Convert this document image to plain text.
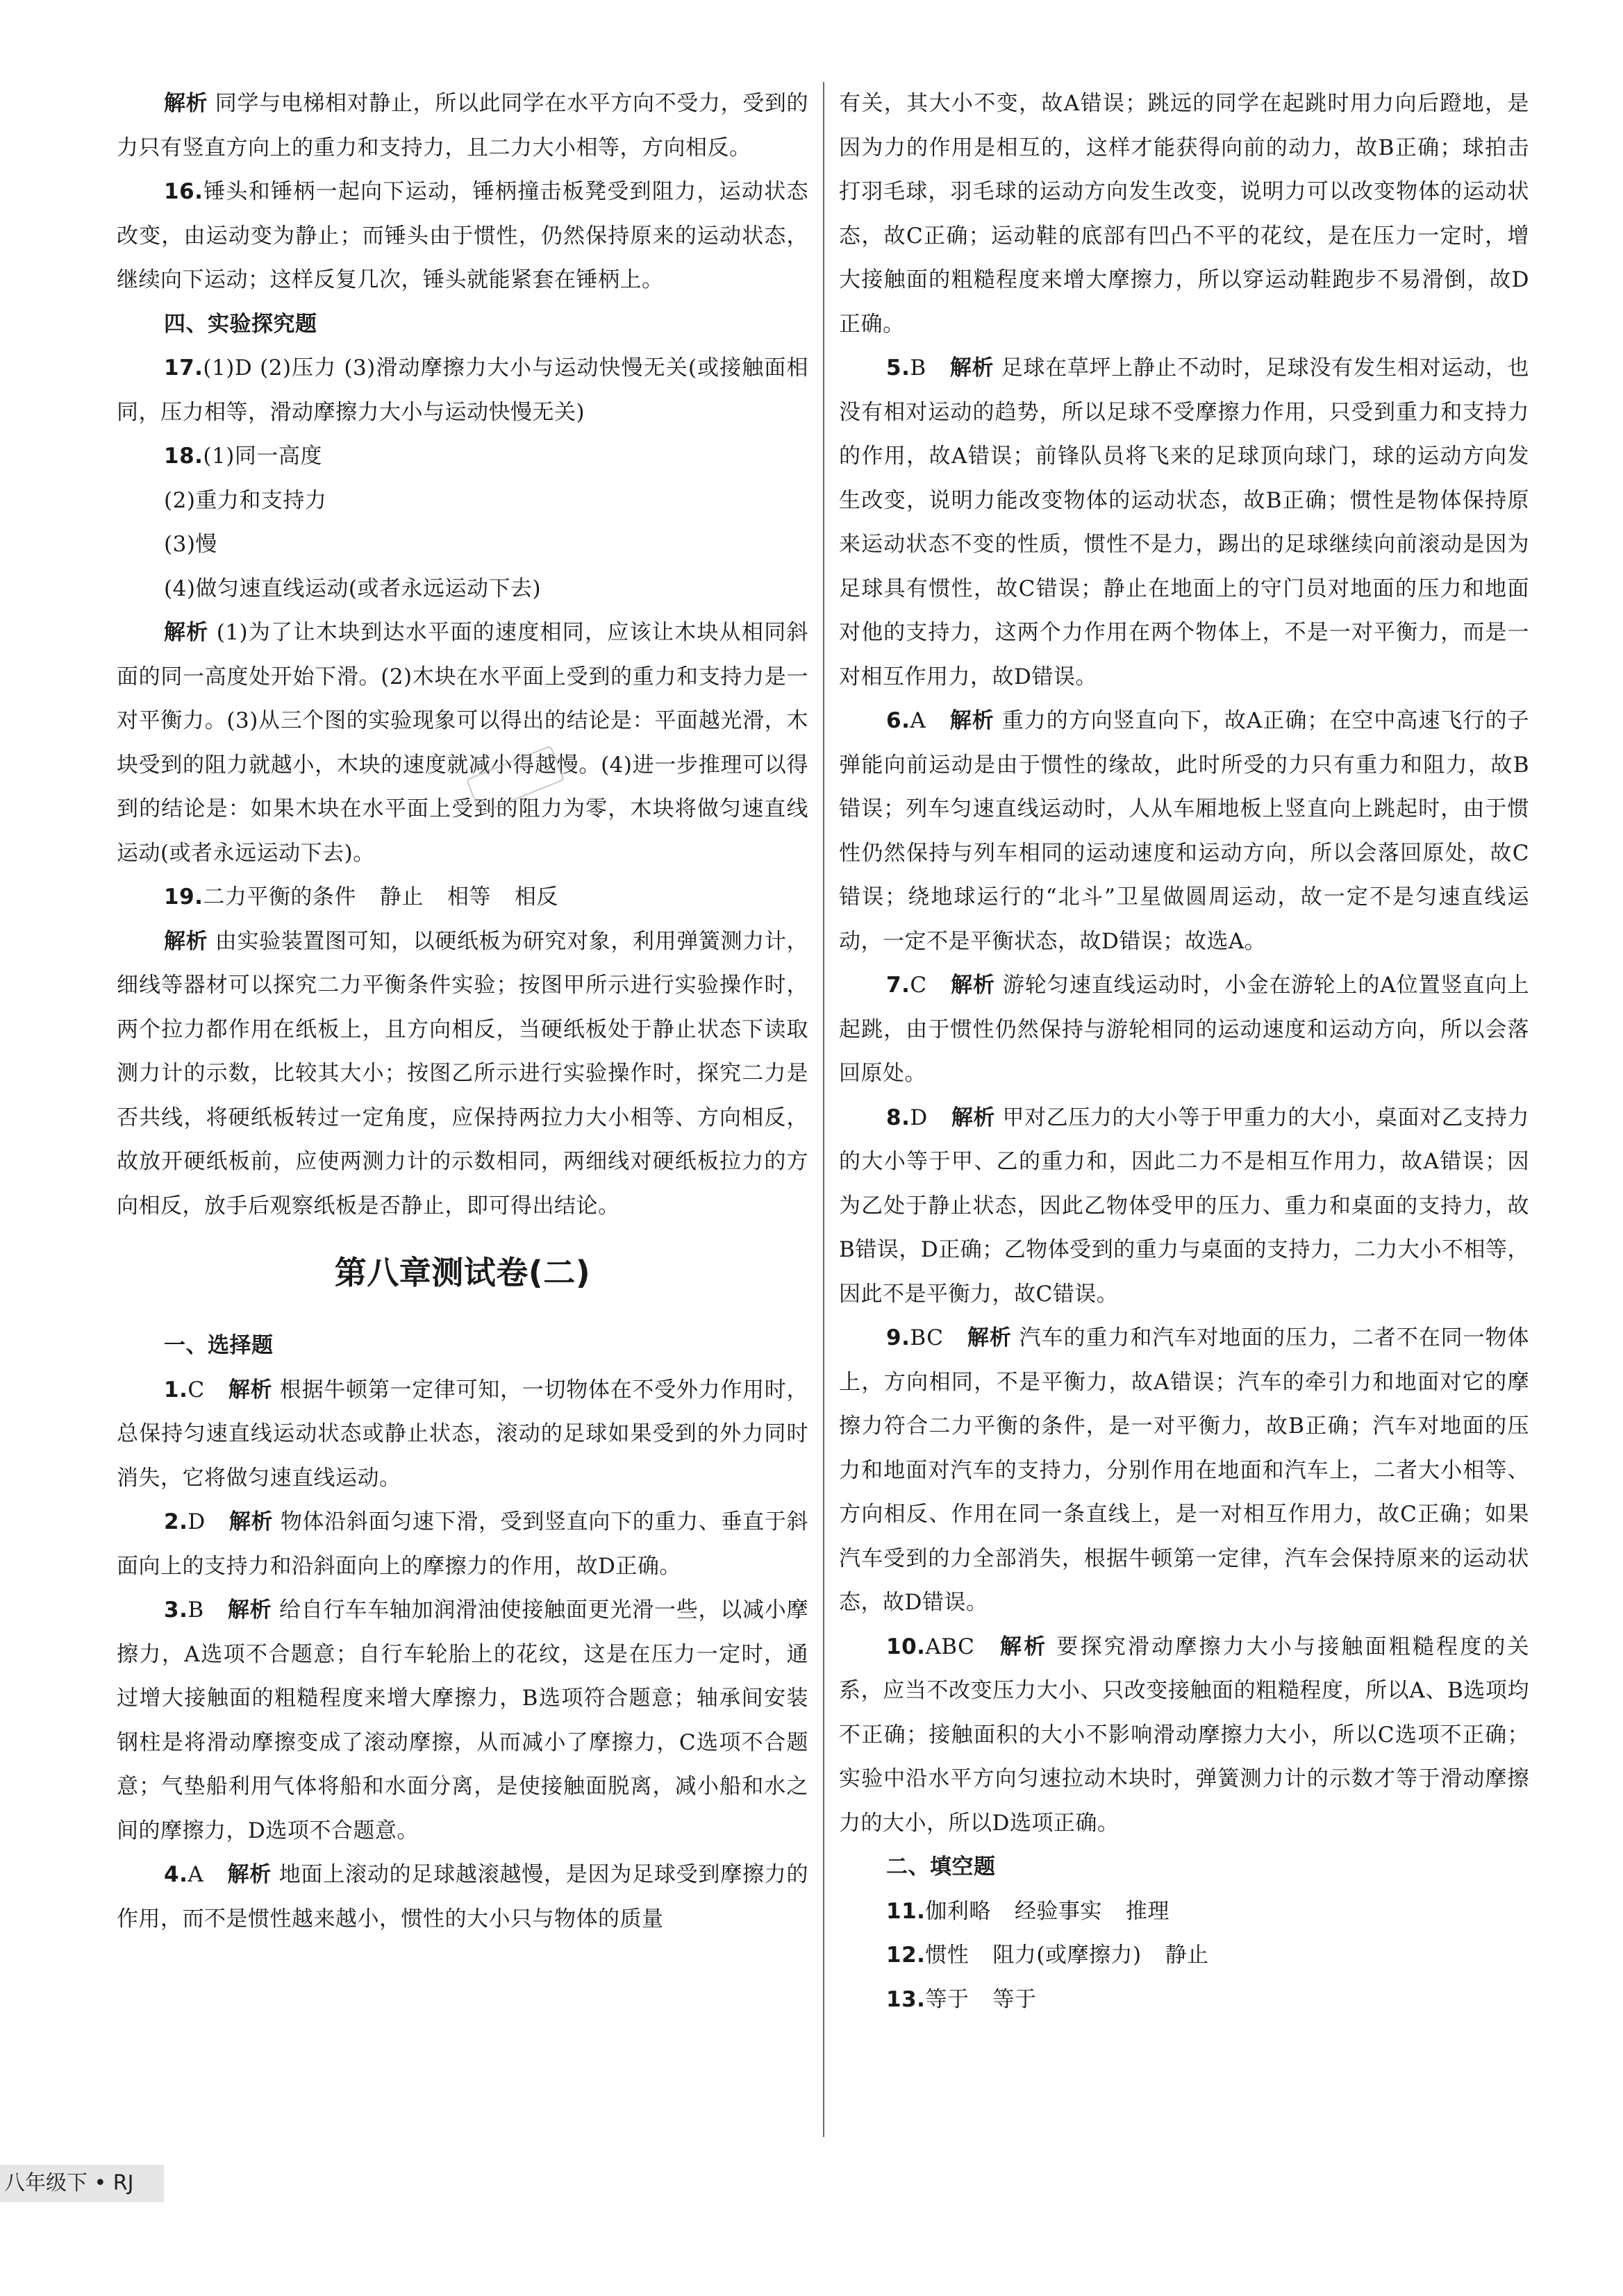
解析 同学与电梯相对静止，所以此同学在水平方向不受力，受到的力只有竖直方向上的重力和支持力，且二力大小相等，方向相反。

16.锤头和锤柄一起向下运动，锤柄撞击板凳受到阻力，运动状态改变，由运动变为静止；而锤头由于惯性，仍然保持原来的运动状态，继续向下运动；这样反复几次，锤头就能紧套在锤柄上。

四、实验探究题

17.(1)D (2)压力 (3)滑动摩擦力大小与运动快慢无关(或接触面相同，压力相等，滑动摩擦力大小与运动快慢无关)

18.(1)同一高度

(2)重力和支持力

(3)慢

(4)做匀速直线运动(或者永远运动下去)

解析 (1)为了让木块到达水平面的速度相同，应该让木块从相同斜面的同一高度处开始下滑。(2)木块在水平面上受到的重力和支持力是一对平衡力。(3)从三个图的实验现象可以得出的结论是：平面越光滑，木块受到的阻力就越小，木块的速度就减小得越慢。(4)进一步推理可以得到的结论是：如果木块在水平面上受到的阻力为零，木块将做匀速直线运动(或者永远运动下去)。

19.二力平衡的条件 静止 相等 相反

解析 由实验装置图可知，以硬纸板为研究对象，利用弹簧测力计，细线等器材可以探究二力平衡条件实验；按图甲所示进行实验操作时，两个拉力都作用在纸板上，且方向相反，当硬纸板处于静止状态下读取测力计的示数，比较其大小；按图乙所示进行实验操作时，探究二力是否共线，将硬纸板转过一定角度，应保持两拉力大小相等、方向相反，故放开硬纸板前，应使两测力计的示数相同，两细线对硬纸板拉力的方向相反，放手后观察纸板是否静止，即可得出结论。

第八章测试卷(二)

一、选择题

1.C 解析 根据牛顿第一定律可知，一切物体在不受外力作用时，总保持匀速直线运动状态或静止状态，滚动的足球如果受到的外力同时消失，它将做匀速直线运动。

2.D 解析 物体沿斜面匀速下滑，受到竖直向下的重力、垂直于斜面向上的支持力和沿斜面向上的摩擦力的作用，故D正确。

3.B 解析 给自行车车轴加润滑油使接触面更光滑一些，以减小摩擦力，A选项不合题意；自行车轮胎上的花纹，这是在压力一定时，通过增大接触面的粗糙程度来增大摩擦力，B选项符合题意；轴承间安装钢柱是将滑动摩擦变成了滚动摩擦，从而减小了摩擦力，C选项不合题意；气垫船利用气体将船和水面分离，是使接触面脱离，减小船和水之间的摩擦力，D选项不合题意。

4.A 解析 地面上滚动的足球越滚越慢，是因为足球受到摩擦力的作用，而不是惯性越来越小，惯性的大小只与物体的质量

有关，其大小不变，故A错误；跳远的同学在起跳时用力向后蹬地，是因为力的作用是相互的，这样才能获得向前的动力，故B正确；球拍击打羽毛球，羽毛球的运动方向发生改变，说明力可以改变物体的运动状态，故C正确；运动鞋的底部有凹凸不平的花纹，是在压力一定时，增大接触面的粗糙程度来增大摩擦力，所以穿运动鞋跑步不易滑倒，故D正确。

5.B 解析 足球在草坪上静止不动时，足球没有发生相对运动，也没有相对运动的趋势，所以足球不受摩擦力作用，只受到重力和支持力的作用，故A错误；前锋队员将飞来的足球顶向球门，球的运动方向发生改变，说明力能改变物体的运动状态，故B正确；惯性是物体保持原来运动状态不变的性质，惯性不是力，踢出的足球继续向前滚动是因为足球具有惯性，故C错误；静止在地面上的守门员对地面的压力和地面对他的支持力，这两个力作用在两个物体上，不是一对平衡力，而是一对相互作用力，故D错误。

6.A 解析 重力的方向竖直向下，故A正确；在空中高速飞行的子弹能向前运动是由于惯性的缘故，此时所受的力只有重力和阻力，故B错误；列车匀速直线运动时，人从车厢地板上竖直向上跳起时，由于惯性仍然保持与列车相同的运动速度和运动方向，所以会落回原处，故C错误；绕地球运行的“北斗”卫星做圆周运动，故一定不是匀速直线运动，一定不是平衡状态，故D错误；故选A。

7.C 解析 游轮匀速直线运动时，小金在游轮上的A位置竖直向上起跳，由于惯性仍然保持与游轮相同的运动速度和运动方向，所以会落回原处。

8.D 解析 甲对乙压力的大小等于甲重力的大小，桌面对乙支持力的大小等于甲、乙的重力和，因此二力不是相互作用力，故A错误；因为乙处于静止状态，因此乙物体受甲的压力、重力和桌面的支持力，故B错误，D正确；乙物体受到的重力与桌面的支持力，二力大小不相等，因此不是平衡力，故C错误。

9.BC 解析 汽车的重力和汽车对地面的压力，二者不在同一物体上，方向相同，不是平衡力，故A错误；汽车的牵引力和地面对它的摩擦力符合二力平衡的条件，是一对平衡力，故B正确；汽车对地面的压力和地面对汽车的支持力，分别作用在地面和汽车上，二者大小相等、方向相反、作用在同一条直线上，是一对相互作用力，故C正确；如果汽车受到的力全部消失，根据牛顿第一定律，汽车会保持原来的运动状态，故D错误。

10.ABC 解析 要探究滑动摩擦力大小与接触面粗糙程度的关系，应当不改变压力大小、只改变接触面的粗糙程度，所以A、B选项均不正确；接触面积的大小不影响滑动摩擦力大小，所以C选项不正确；实验中沿水平方向匀速拉动木块时，弹簧测力计的示数才等于滑动摩擦力的大小，所以D选项正确。

二、填空题

11.伽利略 经验事实 推理

12.惯性 阻力(或摩擦力) 静止

13.等于 等于

八年级下 • RJ
